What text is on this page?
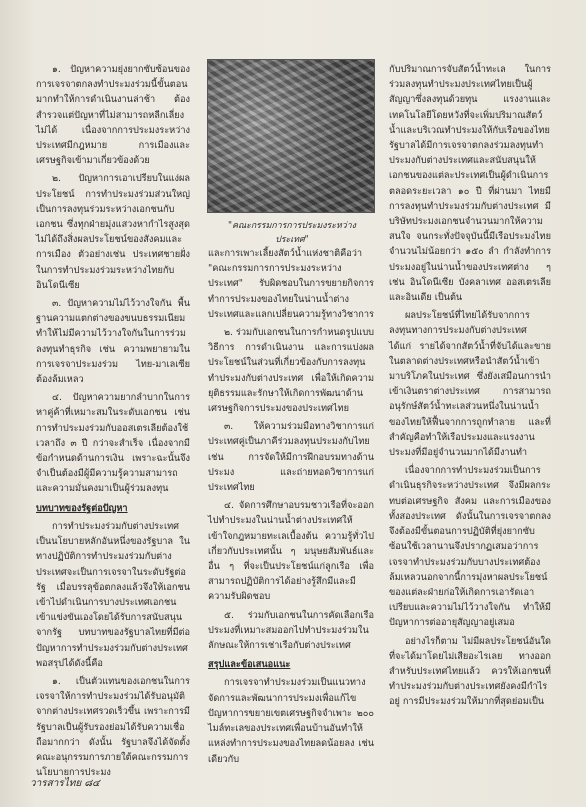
๑. ปัญหาความยุ่งยากซับซ้อนของการเจรจาตกลงทำประมงร่วมนี้ขั้นตอนมากทำให้การดำเนินงานล่าช้า ต้องสำรวจแต่ปัญหาที่ไม่สามารถหลีกเลี่ยงไม่ได้ เนื่องจากการประมงระหว่างประเทศมีกฎหมาย การเมืองและเศรษฐกิจเข้ามาเกี่ยวข้องด้วย

๒. ปัญหาการเอาเปรียบในแง่ผลประโยชน์ การทำประมงร่วมส่วนใหญ่เป็นการลงทุนร่วมระหว่างเอกชนกับเอกชน ซึ่งทุกฝ่ายมุ่งแสวงหากำไรสูงสุด ไม่ได้ถึงสิ่งผลประโยชน์ของสังคมและการเมือง ตัวอย่างเช่น ประเทศชายฝั่งในการทำประมงร่วมระหว่างไทยกับอินโดนีเซีย

๓. ปัญหาความไม่ไว้วางใจกัน พื้นฐานความแตกต่างของขนบธรรมเนียม ทำให้ไม่มีความไว้วางใจกันในการร่วมลงทุนทำธุรกิจ เช่น ความพยายามในการเจรจาประมงร่วม ไทย-มาเลเซียต้องล้มเหลว

๔. ปัญหาความยากลำบากในการหาคู่ค้าที่เหมาะสมในระดับเอกชน เช่น การทำประมงร่วมกับออสเตรเลียต้องใช้เวลาถึง ๓ ปี กว่าจะสำเร็จ เนื่องจากมีข้อกำหนดด้านการเงิน เพราะฉะนั้นจึงจำเป็นต้องมีผู้มีความรู้ความสามารถ และความมั่นคงมาเป็นผู้ร่วมลงทุน

บทบาทของรัฐต่อปัญหา

การทำประมงร่วมกับต่างประเทศเป็นนโยบายหลักอันหนึ่งของรัฐบาล ในทางปฏิบัติการทำประมงร่วมกับต่างประเทศจะเป็นการเจรจาในระดับรัฐต่อรัฐ เมื่อบรรลุข้อตกลงแล้วจึงให้เอกชนเข้าไปดำเนินการบางประเทศเอกชนเข้าแข่งขันเองโดยได้รับการสนับสนุนจากรัฐ บทบาทของรัฐบาลไทยที่มีต่อปัญหาการทำประมงร่วมกับต่างประเทศพอสรุปได้ดังนี้คือ

๑. เป็นตัวแทนของเอกชนในการเจรจาให้การทำประมงร่วมได้รับอนุมัติจากต่างประเทศรวดเร็วขึ้น เพราะการมีรัฐบาลเป็นผู้รับรองย่อมได้รับความเชื่อถือมากกว่า ดังนั้น รัฐบาลจึงได้จัดตั้งคณะอนุกรรมการภายใต้คณะกรรมการนโยบายการประมง

"คณะกรรมการการประมงระหว่างประเทศ"

และการเพาะเลี้ยงสัตว์น้ำแห่งชาติคือว่า "คณะกรรมการการประมงระหว่างประเทศ" รับผิดชอบในการขยายกิจการทำการประมงของไทยในน่านน้ำต่างประเทศและแลกเปลี่ยนความรู้ทางวิชาการ

๒. ร่วมกับเอกชนในการกำหนดรูปแบบ วิธีการ การดำเนินงาน และการแบ่งผลประโยชน์ในส่วนที่เกี่ยวข้องกับการลงทุนทำประมงกับต่างประเทศ เพื่อให้เกิดความยุติธรรมและรักษาให้เกิดการพัฒนาด้านเศรษฐกิจการประมงของประเทศไทย

๓. ให้ความร่วมมือทางวิชาการแก่ประเทศคู่เป็นภาคีร่วมลงทุนประมงกับไทย เช่น การจัดให้มีการฝึกอบรมทางด้านประมง และถ่ายทอดวิชาการแก่ประเทศไทย

๔. จัดการศึกษาอบรมชาวเรือที่จะออกไปทำประมงในน่านน้ำต่างประเทศให้เข้าใจกฎหมายทะเลเบื้องต้น ความรู้ทั่วไปเกี่ยวกับประเทศนั้น ๆ มนุษยสัมพันธ์และอื่น ๆ ที่จะเป็นประโยชน์แก่ลูกเรือ เพื่อสามารถปฏิบัติการได้อย่างรู้สึกมีและมีความรับผิดชอบ

๕. ร่วมกับเอกชนในการคัดเลือกเรือประมงที่เหมาะสมออกไปทำประมงร่วมในลักษณะให้การเช่าเรือกับต่างประเทศ

สรุปและข้อเสนอแนะ

การเจรจาทำประมงร่วมเป็นแนวทางจัดการและพัฒนาการประมงเพื่อแก้ไขปัญหาการขยายเขตเศรษฐกิจจำเพาะ ๒๐๐ ไมล์ทะเลของประเทศเพื่อนบ้านอันทำให้แหล่งทำการประมงของไทยลดน้อยลง เช่น เดียวกับ

กับปริมาณการจับสัตว์น้ำทะเล ในการร่วมลงทุนทำประมงประเทศไทยเป็นผู้สัญญาซึ่งลงทุนด้วยทุน แรงงานและเทคโนโลยีโดยหวังที่จะเพิ่มปริมาณสัตว์น้ำและบริเวณทำประมงให้กับเรือของไทย รัฐบาลได้มีการเจรจาตกลงร่วมลงทุนทำประมงกับต่างประเทศและสนับสนุนให้เอกชนของแต่ละประเทศเป็นผู้ดำเนินการ ตลอดระยะเวลา ๑๐ ปี ที่ผ่านมา ไทยมีการลงทุนทำประมงร่วมกับต่างประเทศ มีบริษัทประมงเอกชนจำนวนมากให้ความสนใจ จนกระทั่งปัจจุบันนี้มีเรือประมงไทยจำนวนไม่น้อยกว่า ๑๕๐ ลำ กำลังทำการประมงอยู่ในน่านน้ำของประเทศต่าง ๆ เช่น อินโดนีเซีย บังคลาเทศ ออสเตรเลีย และอินเดีย เป็นต้น

ผลประโยชน์ที่ไทยได้รับจากการลงทุนทางการประมงกับต่างประเทศ ได้แก่ รายได้จากสัตว์น้ำที่จับได้และขายในตลาดต่างประเทศหรือนำสัตว์น้ำเข้ามาบริโภคในประเทศ ซึ่งยังเสมือนการนำเข้าเงินตราต่างประเทศ การสามารถอนุรักษ์สัตว์น้ำทะเลส่วนหนึ่งในน่านน้ำของไทยให้ฟื้นจากการถูกทำลาย และที่สำคัญคือทำให้เรือประมงและแรงงานประมงที่มีอยู่จำนวนมากได้มีงานทำ

เนื่องจากการทำประมงร่วมเป็นการดำเนินธุรกิจระหว่างประเทศ จึงมีผลกระทบต่อเศรษฐกิจ สังคม และการเมืองของทั้งสองประเทศ ดังนั้นในการเจรจาตกลงจึงต้องมีขั้นตอนการปฏิบัติที่ยุ่งยากซับซ้อนใช้เวลานานจึงปรากฏเสมอว่าการเจรจาทำประมงร่วมกับบางประเทศต้องล้มเหลวนอกจากนี้การมุ่งหาผลประโยชน์ของแต่ละฝ่ายก่อให้เกิดการเอารัดเอาเปรียบและความไม่ไว้วางใจกัน ทำให้มีปัญหาการต่ออายุสัญญาอยู่เสมอ

อย่างไรก็ตาม ไม่มีผลประโยชน์อันใดที่จะได้มาโดยไม่เสียอะไรเลย ทางออกสำหรับประเทศไทยแล้ว ควรให้เอกชนที่ทำประมงร่วมกับต่างประเทศยังคงมีกำไรอยู่ การมีประมงร่วมให้มากที่สุดย่อมเป็น

วารสารไทย ๘๔
